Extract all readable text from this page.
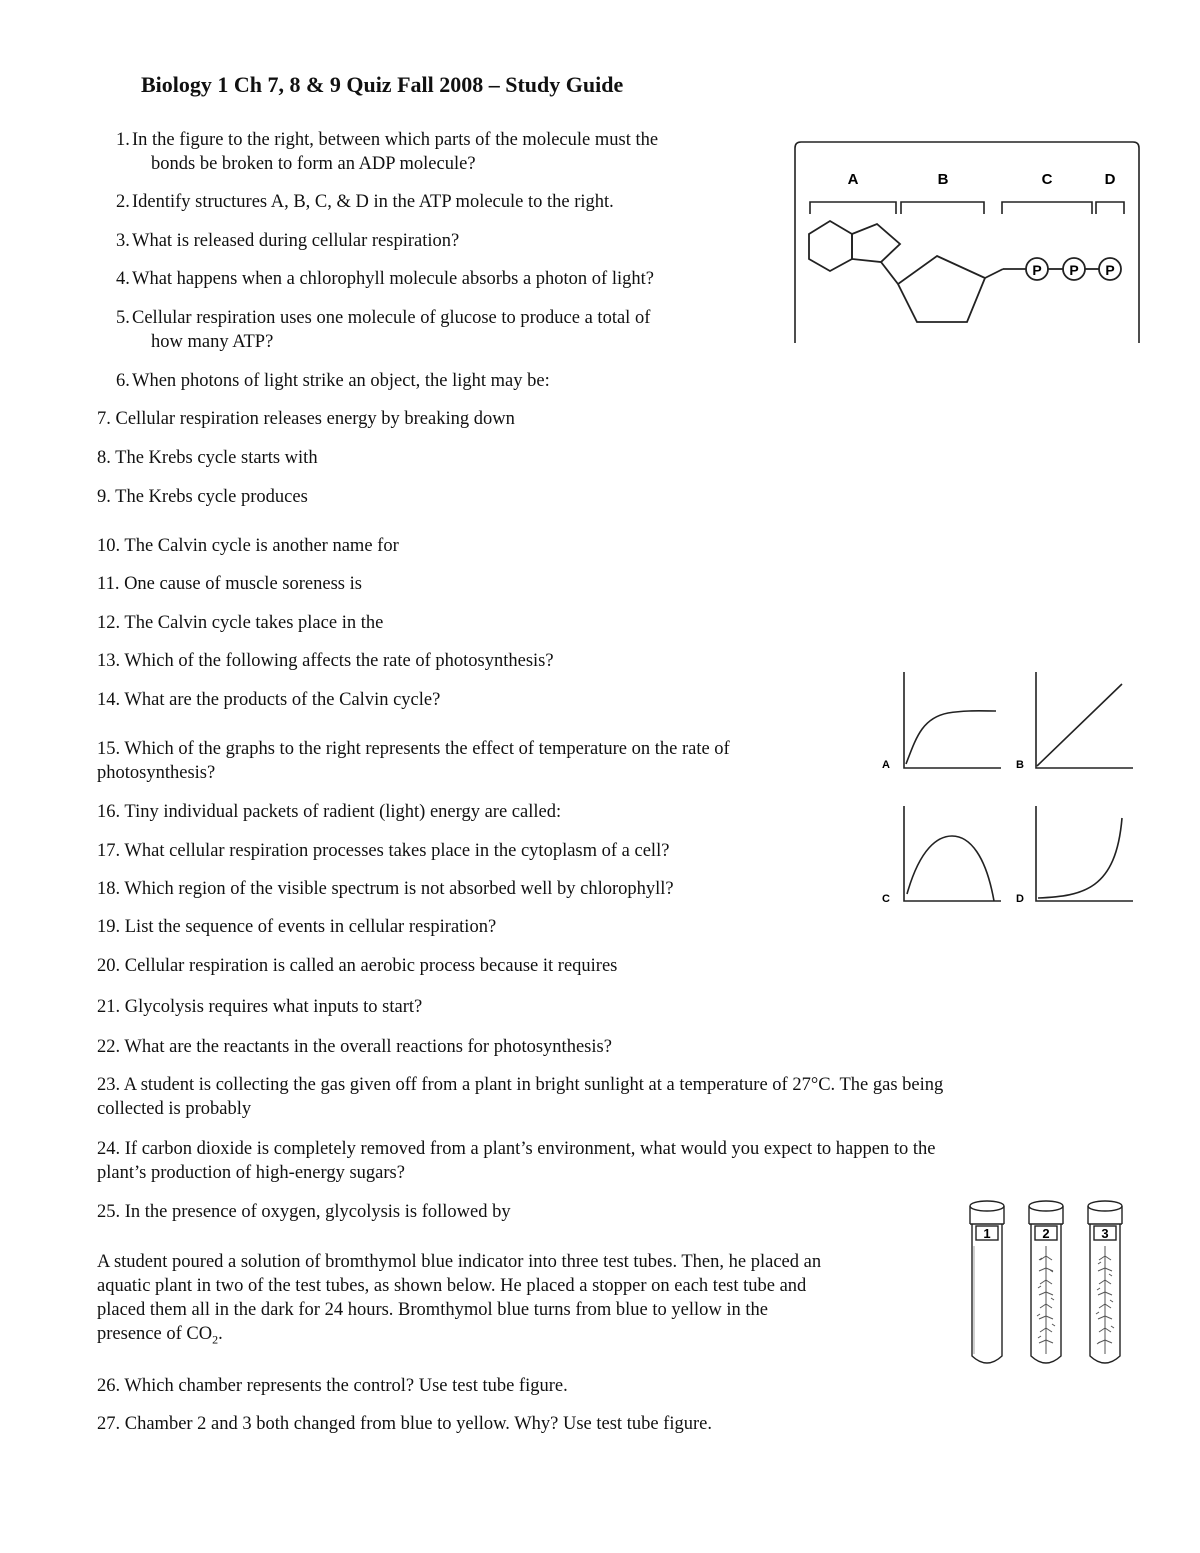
Biology 1 Ch 7, 8 & 9 Quiz Fall 2008 – Study Guide
1. In the figure to the right, between which parts of the molecule must the
bonds be broken to form an ADP molecule?
2. Identify structures A, B, C, & D in the ATP molecule to the right.
3. What is released during cellular respiration?
4. What happens when a chlorophyll molecule absorbs a photon of light?
5. Cellular respiration uses one molecule of glucose to produce a total of
how many ATP?
6. When photons of light strike an object, the light may be:
7. Cellular respiration releases energy by breaking down
8. The Krebs cycle starts with
9. The Krebs cycle produces
10. The Calvin cycle is another name for
11. One cause of muscle soreness is
12. The Calvin cycle takes place in the
13. Which of the following affects the rate of photosynthesis?
14. What are the products of the Calvin cycle?
15. Which of the graphs to the right represents the effect of temperature on the rate of
photosynthesis?
16. Tiny individual packets of radient (light) energy are called:
17. What cellular respiration processes takes place in the cytoplasm of a cell?
18. Which region of the visible spectrum is not absorbed well by chlorophyll?
19. List the sequence of events in cellular respiration?
20. Cellular respiration is called an aerobic process because it requires
21. Glycolysis requires what inputs to start?
22. What are the reactants in the overall reactions for photosynthesis?
23. A student is collecting the gas given off from a plant in bright sunlight at a temperature of 27°C. The gas being
collected is probably
24. If carbon dioxide is completely removed from a plant’s environment, what would you expect to happen to the
plant’s production of high-energy sugars?
25. In the presence of oxygen, glycolysis is followed by
A student poured a solution of bromthymol blue indicator into three test tubes. Then, he placed an
aquatic plant in two of the test tubes, as shown below. He placed a stopper on each test tube and
placed them all in the dark for 24 hours. Bromthymol blue turns from blue to yellow in the
presence of $CO_2$.
26. Which chamber represents the control? Use test tube figure.
27. Chamber 2 and 3 both changed from blue to yellow. Why? Use test tube figure.
A	B	C	D
P P P
A	B
C	D
1	2	3
